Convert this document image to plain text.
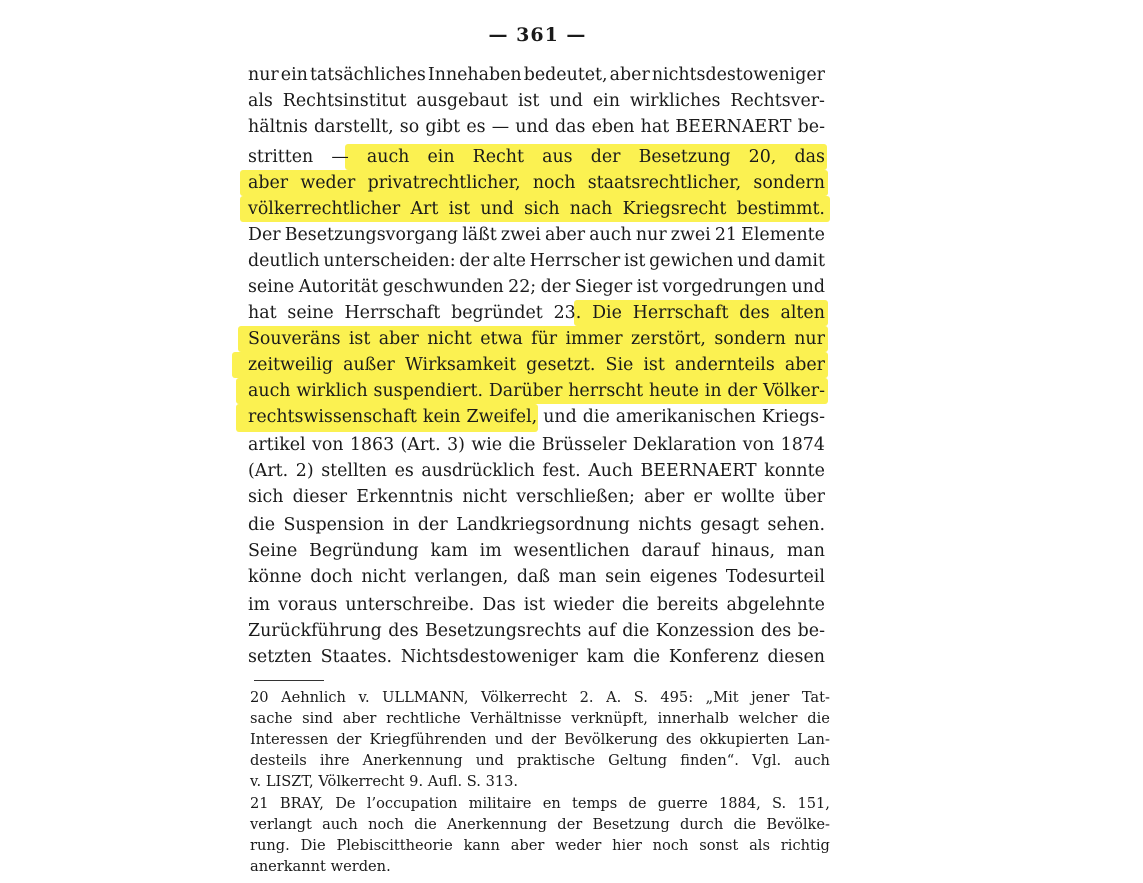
— 361 —
nur ein tatsächliches Innehaben bedeutet, aber nichtsdestoweniger
als Rechtsinstitut ausgebaut ist und ein wirkliches Rechtsver-
hältnis darstellt, so gibt es — und das eben hat BEERNAERT be-
stritten — auch ein Recht aus der Besetzung 20, das
aber weder privatrechtlicher, noch staatsrechtlicher, sondern
völkerrechtlicher Art ist und sich nach Kriegsrecht bestimmt.
Der Besetzungsvorgang läßt zwei aber auch nur zwei 21 Elemente
deutlich unterscheiden: der alte Herrscher ist gewichen und damit
seine Autorität geschwunden 22; der Sieger ist vorgedrungen und
hat seine Herrschaft begründet 23. Die Herrschaft des alten
Souveräns ist aber nicht etwa für immer zerstört, sondern nur
zeitweilig außer Wirksamkeit gesetzt. Sie ist andernteils aber
auch wirklich suspendiert. Darüber herrscht heute in der Völker-
rechtswissenschaft kein Zweifel, und die amerikanischen Kriegs-
artikel von 1863 (Art. 3) wie die Brüsseler Deklaration von 1874
(Art. 2) stellten es ausdrücklich fest. Auch BEERNAERT konnte
sich dieser Erkenntnis nicht verschließen; aber er wollte über
die Suspension in der Landkriegsordnung nichts gesagt sehen.
Seine Begründung kam im wesentlichen darauf hinaus, man
könne doch nicht verlangen, daß man sein eigenes Todesurteil
im voraus unterschreibe. Das ist wieder die bereits abgelehnte
Zurückführung des Besetzungsrechts auf die Konzession des be-
setzten Staates. Nichtsdestoweniger kam die Konferenz diesen
20 Aehnlich v. ULLMANN, Völkerrecht 2. A. S. 495: „Mit jener Tat-
sache sind aber rechtliche Verhältnisse verknüpft, innerhalb welcher die
Interessen der Kriegführenden und der Bevölkerung des okkupierten Lan-
desteils ihre Anerkennung und praktische Geltung finden“. Vgl. auch
v. LISZT, Völkerrecht 9. Aufl. S. 313.
21 BRAY, De l’occupation militaire en temps de guerre 1884, S. 151,
verlangt auch noch die Anerkennung der Besetzung durch die Bevölke-
rung. Die Plebiscittheorie kann aber weder hier noch sonst als richtig
anerkannt werden.
